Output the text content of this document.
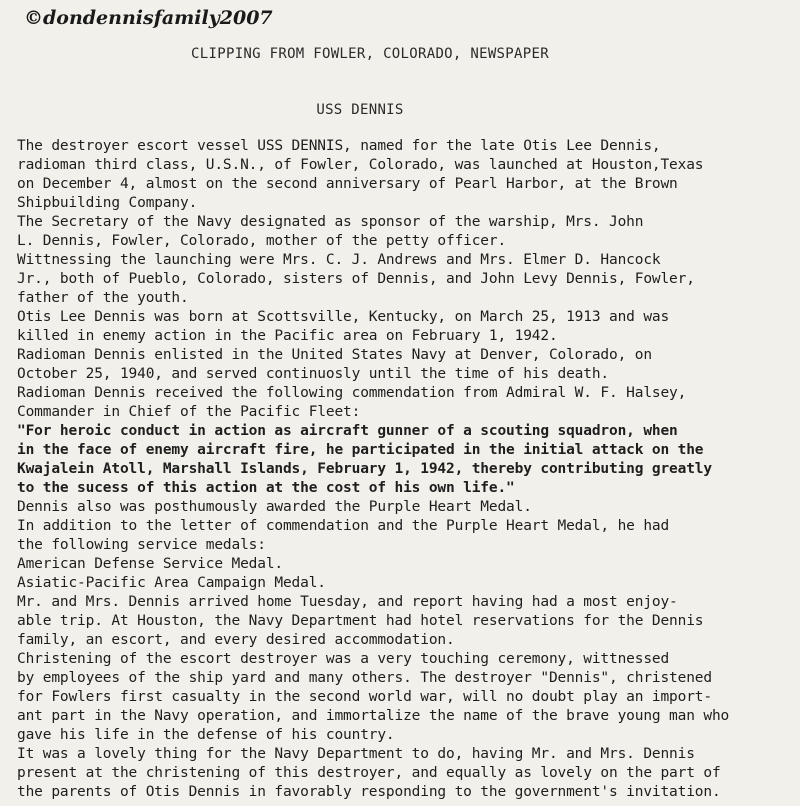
©dondennisfamily2007
CLIPPING FROM FOWLER, COLORADO, NEWSPAPER
USS DENNIS
The destroyer escort vessel USS DENNIS, named for the late Otis Lee Dennis,
radioman third class, U.S.N., of Fowler, Colorado, was launched at Houston,Texas
on December 4, almost on the second anniversary of Pearl Harbor, at the Brown
Shipbuilding Company.
The Secretary of the Navy designated as sponsor of the warship, Mrs. John
L. Dennis, Fowler, Colorado, mother of the petty officer.
Wittnessing the launching were Mrs. C. J. Andrews and Mrs. Elmer D. Hancock
Jr., both of Pueblo, Colorado, sisters of Dennis, and John Levy Dennis, Fowler,
father of the youth.
Otis Lee Dennis was born at Scottsville, Kentucky, on March 25, 1913 and was
killed in enemy action in the Pacific area on February 1, 1942.
Radioman Dennis enlisted in the United States Navy at Denver, Colorado, on
October 25, 1940, and served continuosly until the time of his death.
Radioman Dennis received the following commendation from Admiral W. F. Halsey,
Commander in Chief of the Pacific Fleet:
"For heroic conduct in action as aircraft gunner of a scouting squadron, when
in the face of enemy aircraft fire, he participated in the initial attack on the
Kwajalein Atoll, Marshall Islands, February 1, 1942, thereby contributing greatly
to the sucess of this action at the cost of his own life."
Dennis also was posthumously awarded the Purple Heart Medal.
In addition to the letter of commendation and the Purple Heart Medal, he had
the following service medals:
American Defense Service Medal.
Asiatic-Pacific Area Campaign Medal.
Mr. and Mrs. Dennis arrived home Tuesday, and report having had a most enjoy-
able trip. At Houston, the Navy Department had hotel reservations for the Dennis
family, an escort, and every desired accommodation.
Christening of the escort destroyer was a very touching ceremony, wittnessed
by employees of the ship yard and many others. The destroyer "Dennis", christened
for Fowlers first casualty in the second world war, will no doubt play an import-
ant part in the Navy operation, and immortalize the name of the brave young man who
gave his life in the defense of his country.
It was a lovely thing for the Navy Department to do, having Mr. and Mrs. Dennis
present at the christening of this destroyer, and equally as lovely on the part of
the parents of Otis Dennis in favorably responding to the government's invitation.
